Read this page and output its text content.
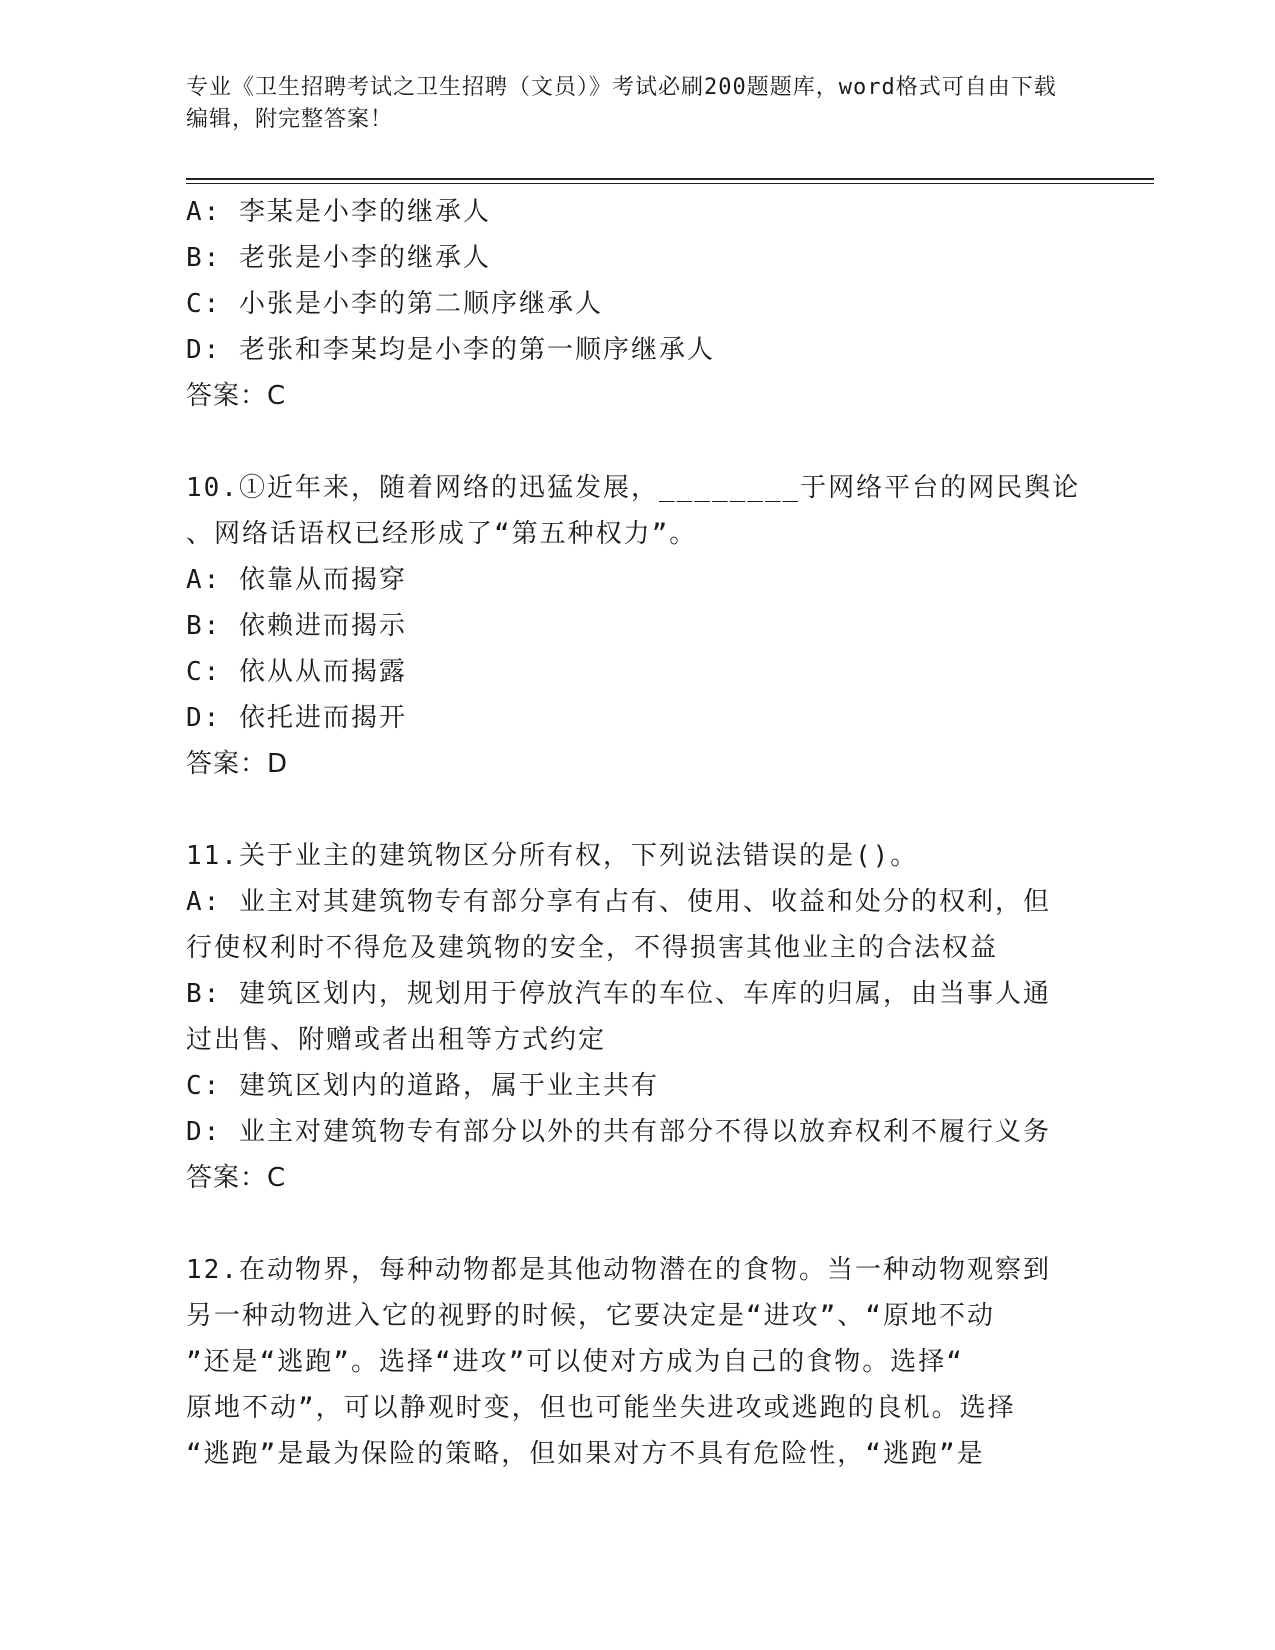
专业《卫生招聘考试之卫生招聘（文员）》考试必刷200题题库，word格式可自由下载编辑，附完整答案！
A: 李某是小李的继承人
B: 老张是小李的继承人
C: 小张是小李的第二顺序继承人
D: 老张和李某均是小李的第一顺序继承人
答案：C
10.①近年来，随着网络的迅猛发展，________于网络平台的网民舆论
、网络话语权已经形成了“第五种权力”。
A: 依靠从而揭穿
B: 依赖进而揭示
C: 依从从而揭露
D: 依托进而揭开
答案：D
11.关于业主的建筑物区分所有权，下列说法错误的是()。
A: 业主对其建筑物专有部分享有占有、使用、收益和处分的权利，但
行使权利时不得危及建筑物的安全，不得损害其他业主的合法权益
B: 建筑区划内，规划用于停放汽车的车位、车库的归属，由当事人通
过出售、附赠或者出租等方式约定
C: 建筑区划内的道路，属于业主共有
D: 业主对建筑物专有部分以外的共有部分不得以放弃权利不履行义务
答案：C
12.在动物界，每种动物都是其他动物潜在的食物。当一种动物观察到
另一种动物进入它的视野的时候，它要决定是“进攻”、“原地不动
”还是“逃跑”。选择“进攻”可以使对方成为自己的食物。选择“
原地不动”，可以静观时变，但也可能坐失进攻或逃跑的良机。选择
“逃跑”是最为保险的策略，但如果对方不具有危险性，“逃跑”是
